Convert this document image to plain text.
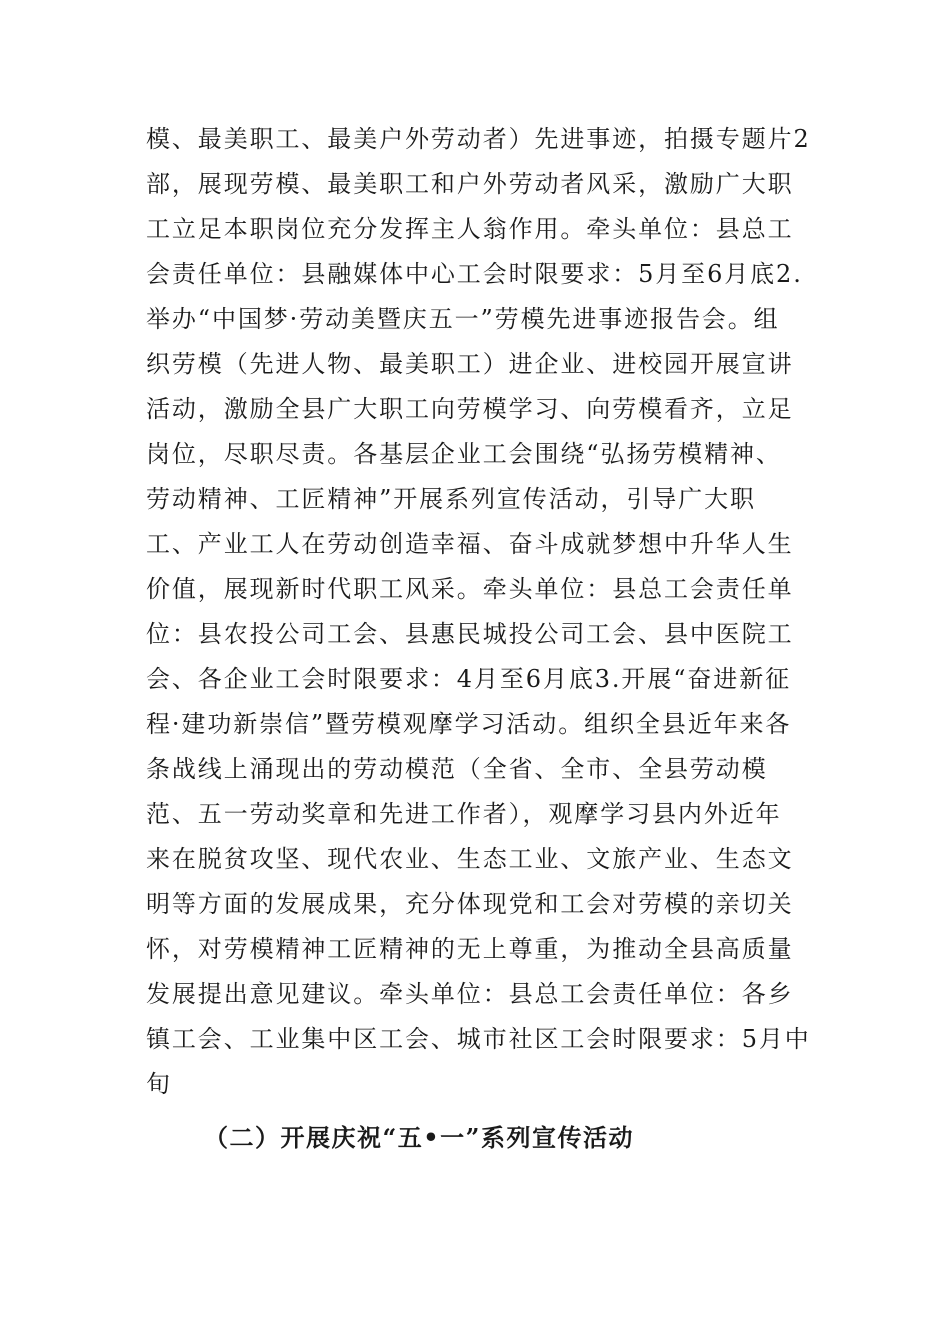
模、最美职工、最美户外劳动者）先进事迹，拍摄专题片2
部，展现劳模、最美职工和户外劳动者风采，激励广大职
工立足本职岗位充分发挥主人翁作用。牵头单位：县总工
会责任单位：县融媒体中心工会时限要求：5月至6月底2.
举办“中国梦·劳动美暨庆五一”劳模先进事迹报告会。组
织劳模（先进人物、最美职工）进企业、进校园开展宣讲
活动，激励全县广大职工向劳模学习、向劳模看齐，立足
岗位，尽职尽责。各基层企业工会围绕“弘扬劳模精神、
劳动精神、工匠精神”开展系列宣传活动，引导广大职
工、产业工人在劳动创造幸福、奋斗成就梦想中升华人生
价值，展现新时代职工风采。牵头单位：县总工会责任单
位：县农投公司工会、县惠民城投公司工会、县中医院工
会、各企业工会时限要求：4月至6月底3.开展“奋进新征
程·建功新崇信”暨劳模观摩学习活动。组织全县近年来各
条战线上涌现出的劳动模范（全省、全市、全县劳动模
范、五一劳动奖章和先进工作者），观摩学习县内外近年
来在脱贫攻坚、现代农业、生态工业、文旅产业、生态文
明等方面的发展成果，充分体现党和工会对劳模的亲切关
怀，对劳模精神工匠精神的无上尊重，为推动全县高质量
发展提出意见建议。牵头单位：县总工会责任单位：各乡
镇工会、工业集中区工会、城市社区工会时限要求：5月中
旬
（二）开展庆祝“五•一”系列宣传活动
